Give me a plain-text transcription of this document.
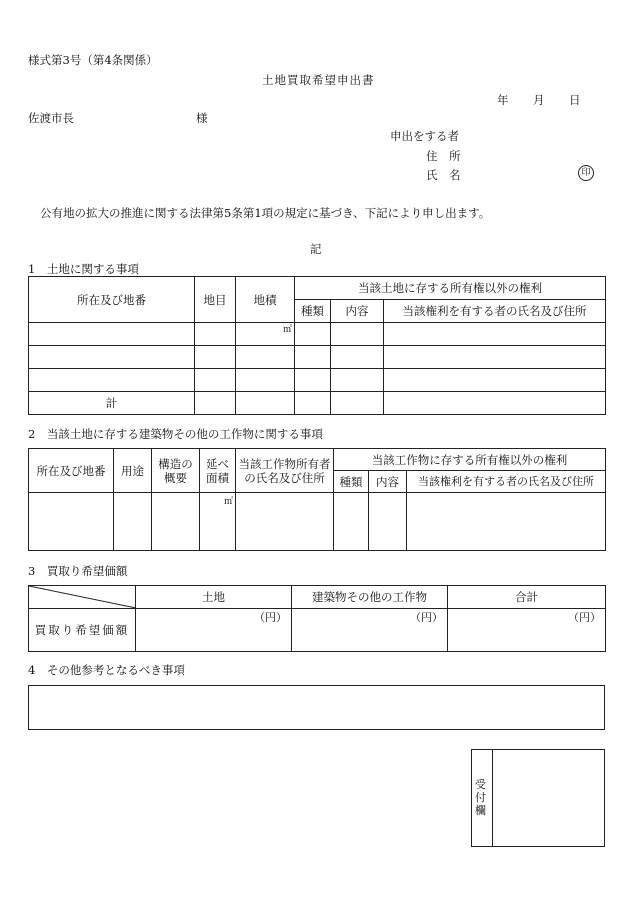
様式第3号（第4条関係）
土地買取希望申出書
年 月 日
佐渡市長	様
申出をする者
住　所
氏　名	印
公有地の拡大の推進に関する法律第5条第1項の規定に基づき、下記により申し出ます。
記
1　土地に関する事項
所在及び地番	地目	地積	当該土地に存する所有権以外の権利		
			種類	内容	当該権利を有する者の氏名及び住所

		㎡			

計					
2　当該土地に存する建築物その他の工作物に関する事項
所在及び地番	用途	構造の概要	延べ面積	当該工作物所有者の氏名及び住所	当該工作物に存する所有権以外の権利		
					種類	内容	当該権利を有する者の氏名及び住所

			㎡				

3　買取り希望価額
	土地	建築物その他の工作物	合計
買取り希望価額	（円）	（円）	（円）
4　その他参考となるべき事項
受付欄
